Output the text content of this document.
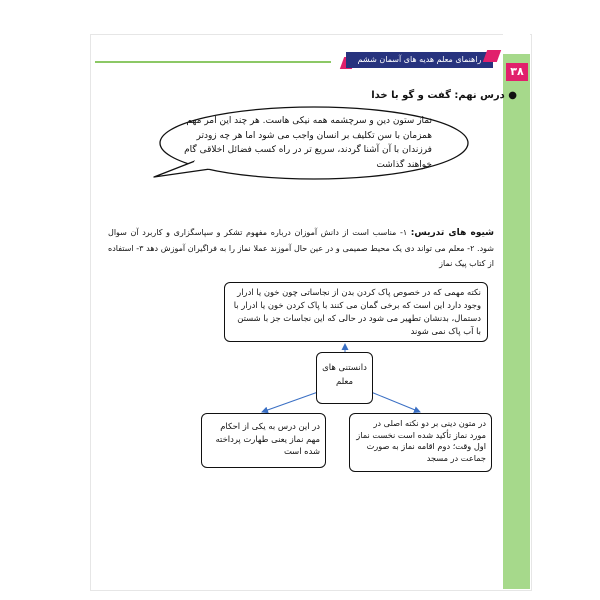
راهنمای معلم هدیه های آسمان ششم
۳۸
● درس نهم: گفت و گو با خدا
نماز ستون دین و سرچشمه همه نیکی هاست. هر چند این امر مهم همزمان با سن تکلیف بر انسان واجب می شود اما هر چه زودتر فرزندان با آن آشنا گردند، سریع تر در راه کسب فضائل اخلاقی گام خواهند گذاشت
شیوه های تدریس: ۱- مناسب است از دانش آموزان درباره مفهوم تشکر و سپاسگزاری و کاربرد آن سوال شود. ۲- معلم می تواند دی یک محیط صمیمی و در عین حال آموزند عملا نماز را به فراگیران آموزش دهد ۳- استفاده از کتاب پیک نماز
نکته مهمی که در خصوص پاک کردن بدن از نجاساتی چون خون یا ادرار وجود دارد این است که برخی گمان می کنند با پاک کردن خون یا ادرار با دستمال، بدنشان تطهیر می شود در حالی که این نجاسات جز با شستن با آب پاک نمی شوند
دانستنی های معلم
در این درس به یکی از احکام مهم نماز یعنی طهارت پرداخته شده است
در متون دینی بر دو نکته اصلی در مورد نماز تأکید شده است نخست نماز اول وقت؛ دوم اقامه نماز به صورت جماعت در مسجد
